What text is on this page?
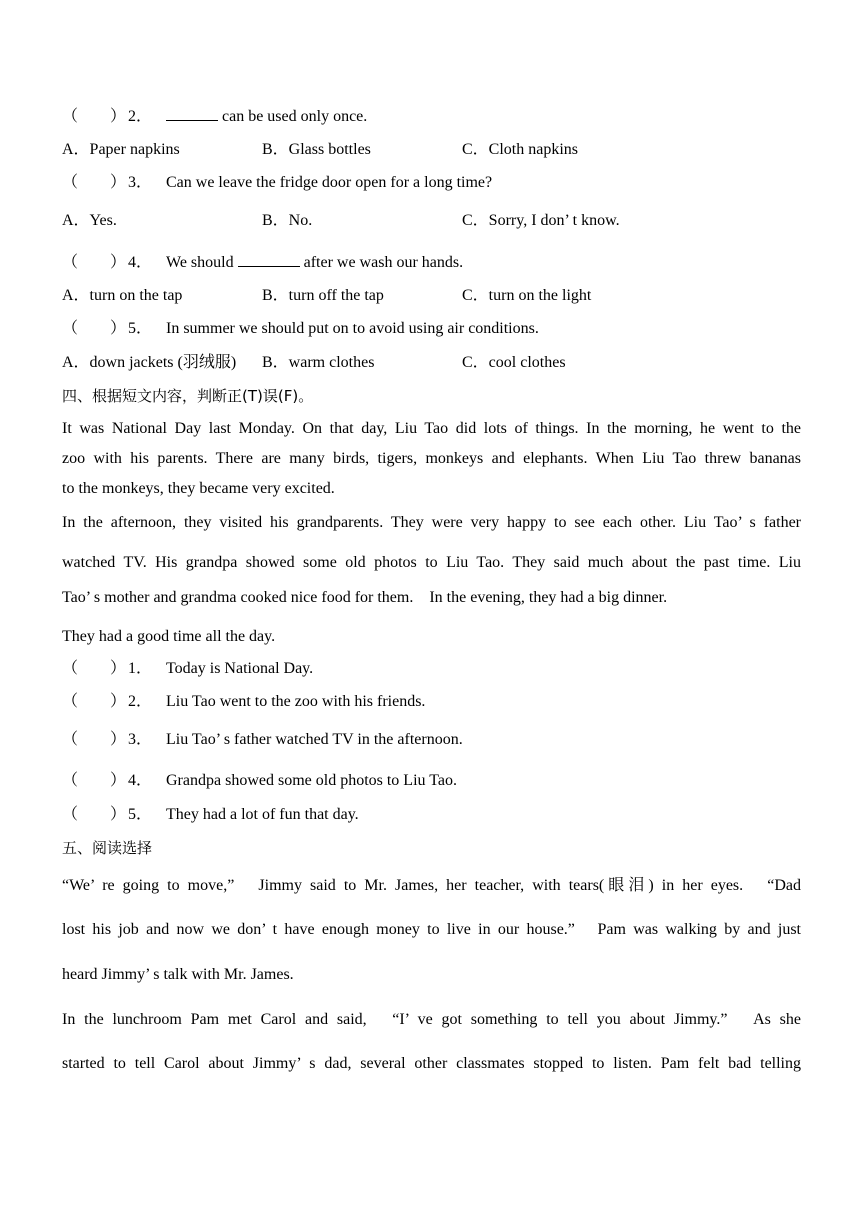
（　　） 2．	can be used only once.
A．Paper napkins	B．Glass bottles	C．Cloth napkins
（　　） 3． Can we leave the fridge door open for a long time?
A．Yes.	B．No.	C．Sorry, I don’ t know.
（　　） 4． We should	after we wash our hands.
A．turn on the tap	B．turn off the tap	C．turn on the light
（　　） 5． In summer we should put on to avoid using air conditions.
A．down jackets (羽绒服) B．warm clothes	C．cool clothes
四、根据短文内容，判断正(T)误(F)。
It was National Day last Monday. On that day, Liu Tao did lots of things. In the morning, he went to the
zoo with his parents. There are many birds, tigers, monkeys and elephants. When Liu Tao threw bananas
to the monkeys, they became very excited.
In the afternoon, they visited his grandparents. They were very happy to see each other. Liu Tao’ s father
watched TV. His grandpa showed some old photos to Liu Tao. They said much about the past time. Liu
Tao’ s mother and grandma cooked nice food for them.　In the evening, they had a big dinner.
They had a good time all the day.
（　　） 1． Today is National Day.
（　　） 2． Liu Tao went to the zoo with his friends.
（　　） 3． Liu Tao’ s father watched TV in the afternoon.
（　　） 4． Grandpa showed some old photos to Liu Tao.
（　　） 5． They had a lot of fun that day.
五、阅读选择
“We’ re going to move,”　Jimmy said to Mr. James, her teacher, with tears(眼泪) in her eyes.　“Dad
lost his job and now we don’ t have enough money to live in our house.”　Pam was walking by and just
heard Jimmy’ s talk with Mr. James.
In the lunchroom Pam met Carol and said,　“I’ ve got something to tell you about Jimmy.”　As she
started to tell Carol about Jimmy’ s dad, several other classmates stopped to listen. Pam felt bad telling
